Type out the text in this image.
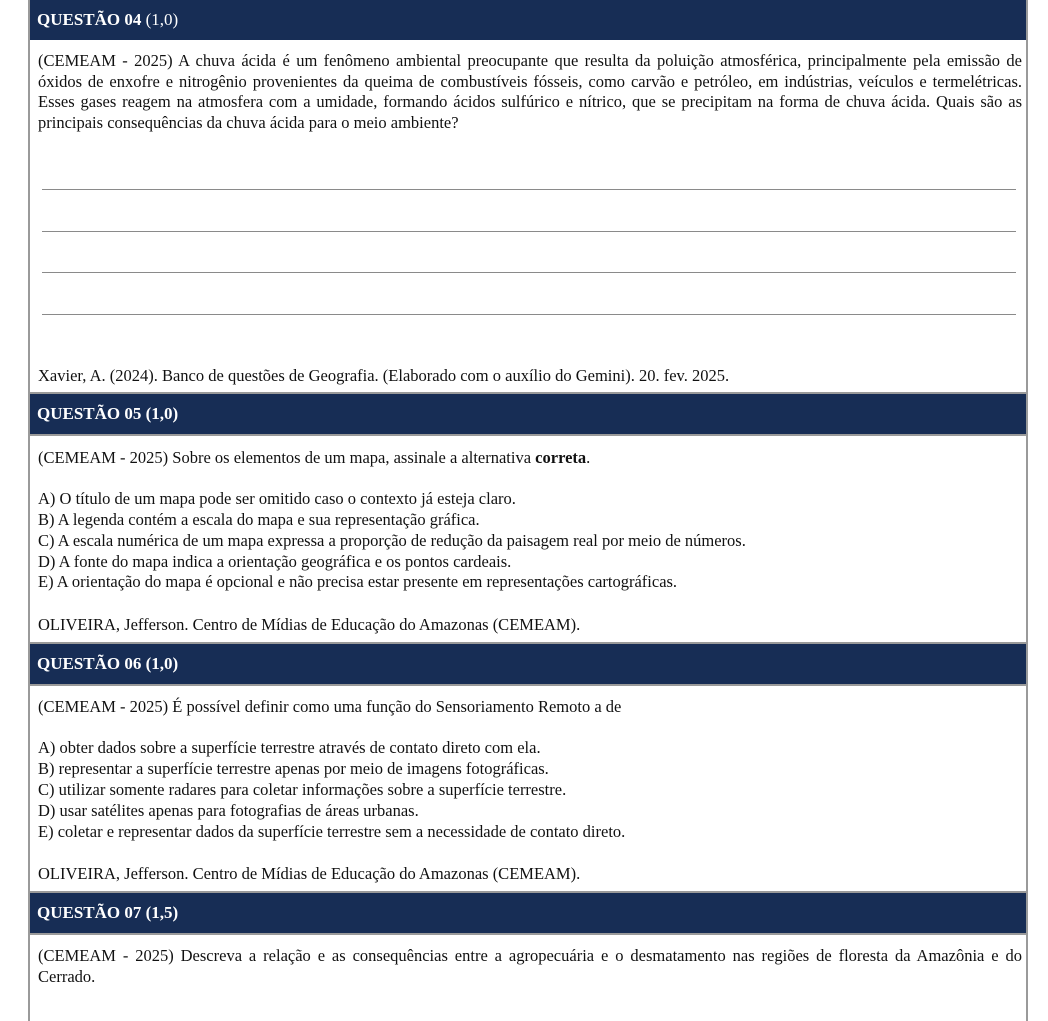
QUESTÃO 04 (1,0)
(CEMEAM - 2025) A chuva ácida é um fenômeno ambiental preocupante que resulta da poluição atmosférica, principalmente pela emissão de óxidos de enxofre e nitrogênio provenientes da queima de combustíveis fósseis, como carvão e petróleo, em indústrias, veículos e termelétricas. Esses gases reagem na atmosfera com a umidade, formando ácidos sulfúrico e nítrico, que se precipitam na forma de chuva ácida. Quais são as principais consequências da chuva ácida para o meio ambiente?
Xavier, A. (2024). Banco de questões de Geografia. (Elaborado com o auxílio do Gemini). 20. fev. 2025.
QUESTÃO 05 (1,0)
(CEMEAM - 2025) Sobre os elementos de um mapa, assinale a alternativa correta.
A) O título de um mapa pode ser omitido caso o contexto já esteja claro.
B) A legenda contém a escala do mapa e sua representação gráfica.
C) A escala numérica de um mapa expressa a proporção de redução da paisagem real por meio de números.
D) A fonte do mapa indica a orientação geográfica e os pontos cardeais.
E) A orientação do mapa é opcional e não precisa estar presente em representações cartográficas.
OLIVEIRA, Jefferson. Centro de Mídias de Educação do Amazonas (CEMEAM).
QUESTÃO 06 (1,0)
(CEMEAM - 2025) É possível definir como uma função do Sensoriamento Remoto a de
A) obter dados sobre a superfície terrestre através de contato direto com ela.
B) representar a superfície terrestre apenas por meio de imagens fotográficas.
C) utilizar somente radares para coletar informações sobre a superfície terrestre.
D) usar satélites apenas para fotografias de áreas urbanas.
E) coletar e representar dados da superfície terrestre sem a necessidade de contato direto.
OLIVEIRA, Jefferson. Centro de Mídias de Educação do Amazonas (CEMEAM).
QUESTÃO 07 (1,5)
(CEMEAM - 2025) Descreva a relação e as consequências entre a agropecuária e o desmatamento nas regiões de floresta da Amazônia e do Cerrado.
